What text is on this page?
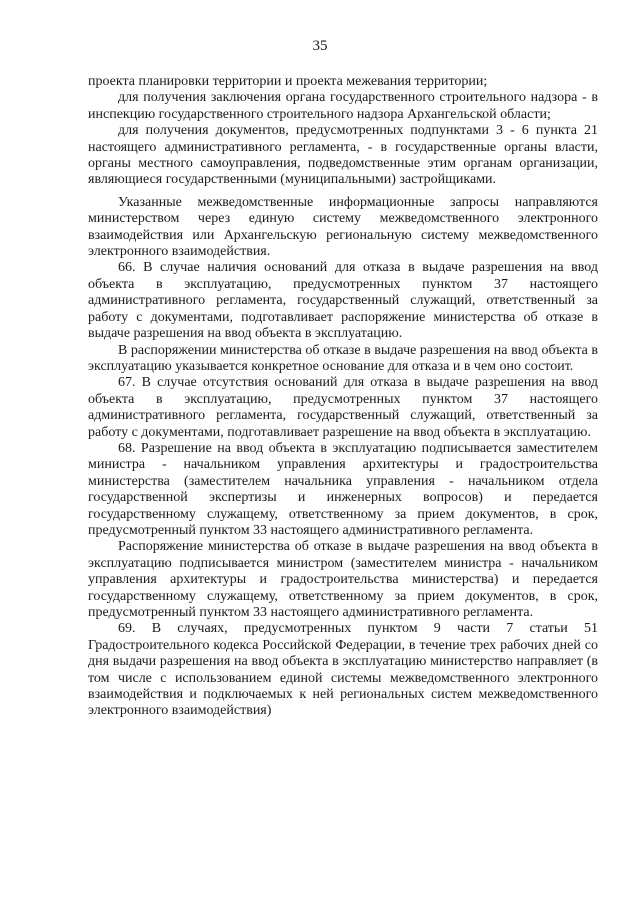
35

проекта планировки территории и проекта межевания территории;

для получения заключения органа государственного строительного надзора - в инспекцию государственного строительного надзора Архангельской области;

для получения документов, предусмотренных подпунктами 3 - 6 пункта 21 настоящего административного регламента, - в государственные органы власти, органы местного самоуправления, подведомственные этим органам организации, являющиеся государственными (муниципальными) застройщиками.

Указанные межведомственные информационные запросы направляются министерством через единую систему межведомственного электронного взаимодействия или Архангельскую региональную систему межведомственного электронного взаимодействия.

66. В случае наличия оснований для отказа в выдаче разрешения на ввод объекта в эксплуатацию, предусмотренных пунктом 37 настоящего административного регламента, государственный служащий, ответственный за работу с документами, подготавливает распоряжение министерства об отказе в выдаче разрешения на ввод объекта в эксплуатацию.

В распоряжении министерства об отказе в выдаче разрешения на ввод объекта в эксплуатацию указывается конкретное основание для отказа и в чем оно состоит.

67. В случае отсутствия оснований для отказа в выдаче разрешения на ввод объекта в эксплуатацию, предусмотренных пунктом 37 настоящего административного регламента, государственный служащий, ответственный за работу с документами, подготавливает разрешение на ввод объекта в эксплуатацию.

68. Разрешение на ввод объекта в эксплуатацию подписывается заместителем министра - начальником управления архитектуры и градостроительства министерства (заместителем начальника управления - начальником отдела государственной экспертизы и инженерных вопросов) и передается государственному служащему, ответственному за прием документов, в срок, предусмотренный пунктом 33 настоящего административного регламента.

Распоряжение министерства об отказе в выдаче разрешения на ввод объекта в эксплуатацию подписывается министром (заместителем министра - начальником управления архитектуры и градостроительства министерства) и передается государственному служащему, ответственному за прием документов, в срок, предусмотренный пунктом 33 настоящего административного регламента.

69. В случаях, предусмотренных пунктом 9 части 7 статьи 51 Градостроительного кодекса Российской Федерации, в течение трех рабочих дней со дня выдачи разрешения на ввод объекта в эксплуатацию министерство направляет (в том числе с использованием единой системы межведомственного электронного взаимодействия и подключаемых к ней региональных систем межведомственного электронного взаимодействия)
